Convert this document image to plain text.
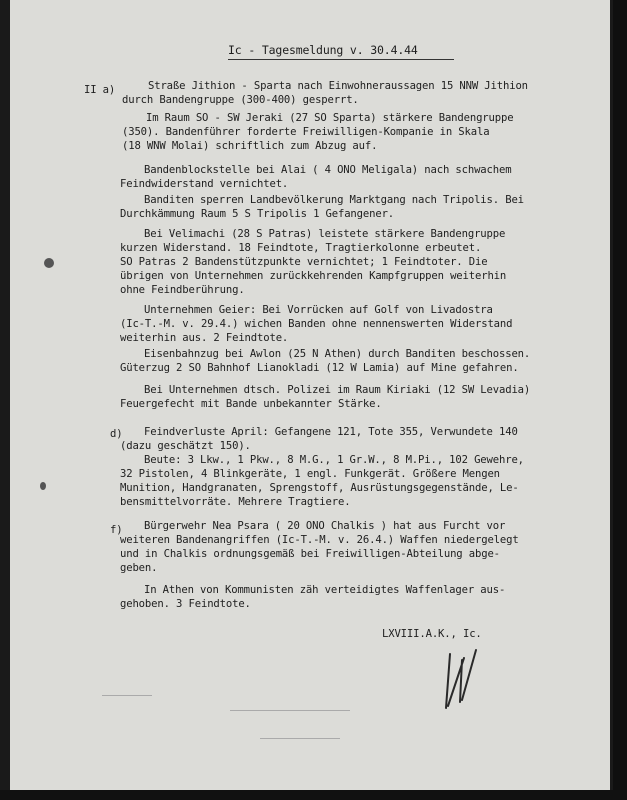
Ic - Tagesmeldung v. 30.4.44
II a)	Straße Jithion - Sparta nach Einwohneraussagen 15 NNW Jithion
durch Bandengruppe (300-400) gesperrt.
Im Raum SO - SW Jeraki (27 SO Sparta) stärkere Bandengruppe
(350). Bandenführer forderte Freiwilligen-Kompanie in Skala
(18 WNW Molai) schriftlich zum Abzug auf.
Bandenblockstelle bei Alai ( 4 ONO Meligala) nach schwachem
Feindwiderstand vernichtet.
Banditen sperren Landbevölkerung Marktgang nach Tripolis. Bei
Durchkämmung Raum 5 S Tripolis 1 Gefangener.
Bei Velimachi (28 S Patras) leistete stärkere Bandengruppe
kurzen Widerstand. 18 Feindtote, Tragtierkolonne erbeutet.
SO Patras 2 Bandenstützpunkte vernichtet; 1 Feindtoter. Die
übrigen von Unternehmen zurückkehrenden Kampfgruppen weiterhin
ohne Feindberührung.
Unternehmen Geier: Bei Vorrücken auf Golf von Livadostra
(Ic-T.-M. v. 29.4.) wichen Banden ohne nennenswerten Widerstand
weiterhin aus. 2 Feindtote.
Eisenbahnzug bei Awlon (25 N Athen) durch Banditen beschossen.
Güterzug 2 SO Bahnhof Lianokladi (12 W Lamia) auf Mine gefahren.
Bei Unternehmen dtsch. Polizei im Raum Kiriaki (12 SW Levadia)
Feuergefecht mit Bande unbekannter Stärke.
d) Feindverluste April: Gefangene 121, Tote 355, Verwundete 140
(dazu geschätzt 150).
Beute: 3 Lkw., 1 Pkw., 8 M.G., 1 Gr.W., 8 M.Pi., 102 Gewehre,
32 Pistolen, 4 Blinkgeräte, 1 engl. Funkgerät. Größere Mengen
Munition, Handgranaten, Sprengstoff, Ausrüstungsgegenstände, Le-
bensmittelvorräte. Mehrere Tragtiere.
f) Bürgerwehr Nea Psara ( 20 ONO Chalkis ) hat aus Furcht vor
weiteren Bandenangriffen (Ic-T.-M. v. 26.4.) Waffen niedergelegt
und in Chalkis ordnungsgemäß bei Freiwilligen-Abteilung abge-
geben.
In Athen von Kommunisten zäh verteidigtes Waffenlager aus-
gehoben. 3 Feindtote.
LXVIII.A.K., Ic.
